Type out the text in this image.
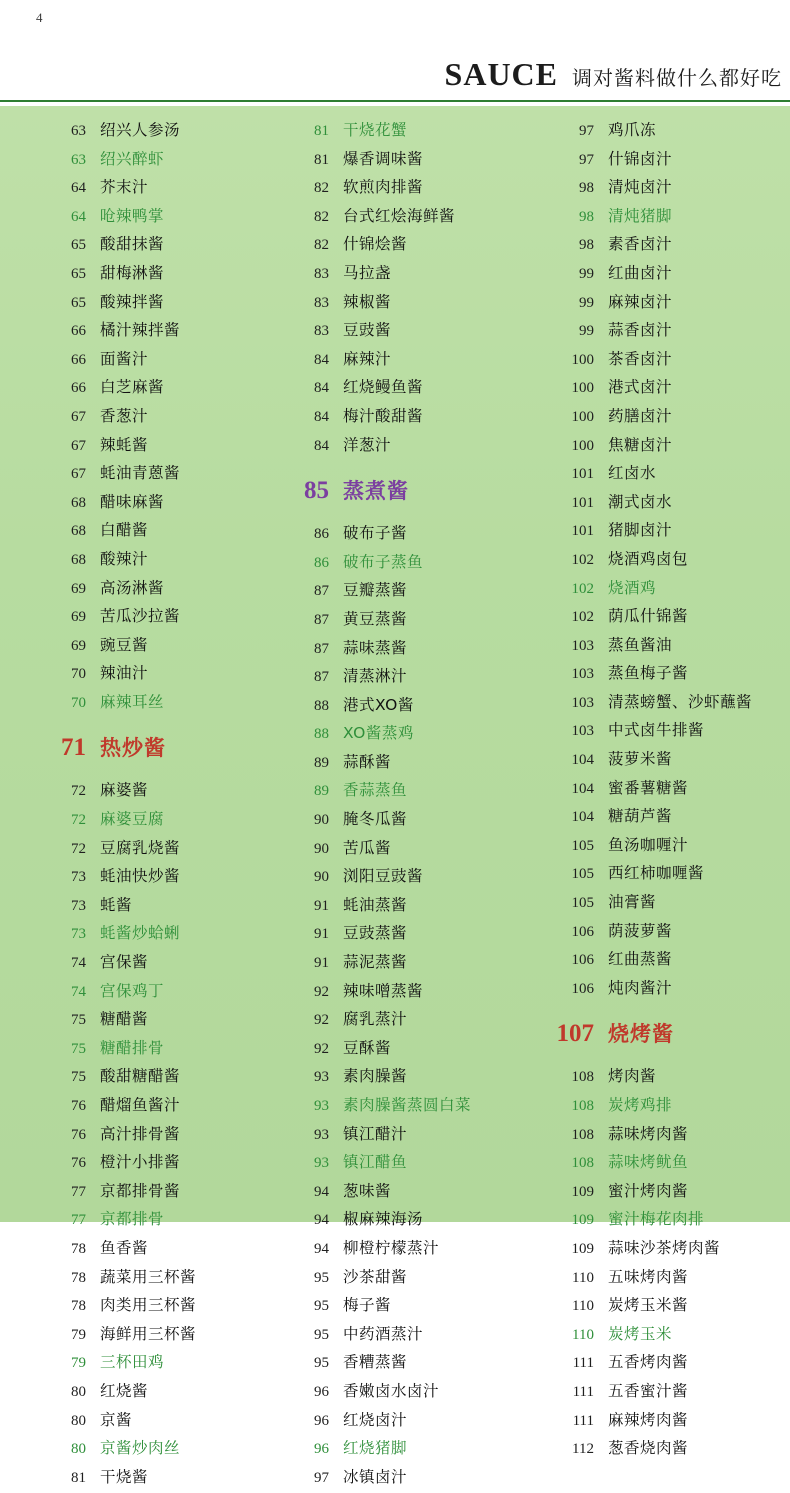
4
SAUCE 调对酱料做什么都好吃
63 绍兴人参汤
63 绍兴醉虾
64 芥末汁
64 呛辣鸭掌
65 酸甜抹酱
65 甜梅淋酱
65 酸辣拌酱
66 橘汁辣拌酱
66 面酱汁
66 白芝麻酱
67 香葱汁
67 辣蚝酱
67 蚝油青蒽酱
68 醋味麻酱
68 白醋酱
68 酸辣汁
69 高汤淋酱
69 苦瓜沙拉酱
69 豌豆酱
70 辣油汁
70 麻辣耳丝
71 热炒酱
72 麻婆酱
72 麻婆豆腐
72 豆腐乳烧酱
73 蚝油快炒酱
73 蚝酱
73 蚝酱炒蛤蜊
74 宫保酱
74 宫保鸡丁
75 糖醋酱
75 糖醋排骨
75 酸甜糖醋酱
76 醋熘鱼酱汁
76 高汁排骨酱
76 橙汁小排酱
77 京都排骨酱
77 京都排骨
78 鱼香酱
78 蔬菜用三杯酱
78 肉类用三杯酱
79 海鲜用三杯酱
79 三杯田鸡
80 红烧酱
80 京酱
80 京酱炒肉丝
81 干烧酱
81 干烧花蟹
81 爆香调味酱
82 软煎肉排酱
82 台式红烩海鲜酱
82 什锦烩酱
83 马拉盏
83 辣椒酱
83 豆豉酱
84 麻辣汁
84 红烧鳗鱼酱
84 梅汁酸甜酱
84 洋葱汁
85 蒸煮酱
86 破布子酱
86 破布子蒸鱼
87 豆瓣蒸酱
87 黄豆蒸酱
87 蒜味蒸酱
87 清蒸淋汁
88 港式XO酱
88 XO酱蒸鸡
89 蒜酥酱
89 香蒜蒸鱼
90 腌冬瓜酱
90 苦瓜酱
90 浏阳豆豉酱
91 蚝油蒸酱
91 豆豉蒸酱
91 蒜泥蒸酱
92 辣味噌蒸酱
92 腐乳蒸汁
92 豆酥酱
93 素肉臊酱
93 素肉臊酱蒸圆白菜
93 镇江醋汁
93 镇江醋鱼
94 葱味酱
94 椒麻辣海汤
94 柳橙柠檬蒸汁
95 沙茶甜酱
95 梅子酱
95 中药酒蒸汁
95 香糟蒸酱
96 香嫩卤水卤汁
96 红烧卤汁
96 红烧猪脚
97 冰镇卤汁
97 鸡爪冻
97 什锦卤汁
98 清炖卤汁
98 清炖猪脚
98 素香卤汁
99 红曲卤汁
99 麻辣卤汁
99 蒜香卤汁
100 茶香卤汁
100 港式卤汁
100 药膳卤汁
100 焦糖卤汁
101 红卤水
101 潮式卤水
101 猪脚卤汁
102 烧酒鸡卤包
102 烧酒鸡
102 荫瓜什锦酱
103 蒸鱼酱油
103 蒸鱼梅子酱
103 清蒸螃蟹、沙虾蘸酱
103 中式卤牛排酱
104 菠萝米酱
104 蜜番薯糖酱
104 糖葫芦酱
105 鱼汤咖喱汁
105 西红柿咖喱酱
105 油膏酱
106 荫菠萝酱
106 红曲蒸酱
106 炖肉酱汁
107 烧烤酱
108 烤肉酱
108 炭烤鸡排
108 蒜味烤肉酱
108 蒜味烤鱿鱼
109 蜜汁烤肉酱
109 蜜汁梅花肉排
109 蒜味沙茶烤肉酱
110 五味烤肉酱
110 炭烤玉米酱
110 炭烤玉米
111 五香烤肉酱
111 五香蜜汁酱
111 麻辣烤肉酱
112 葱香烧肉酱
